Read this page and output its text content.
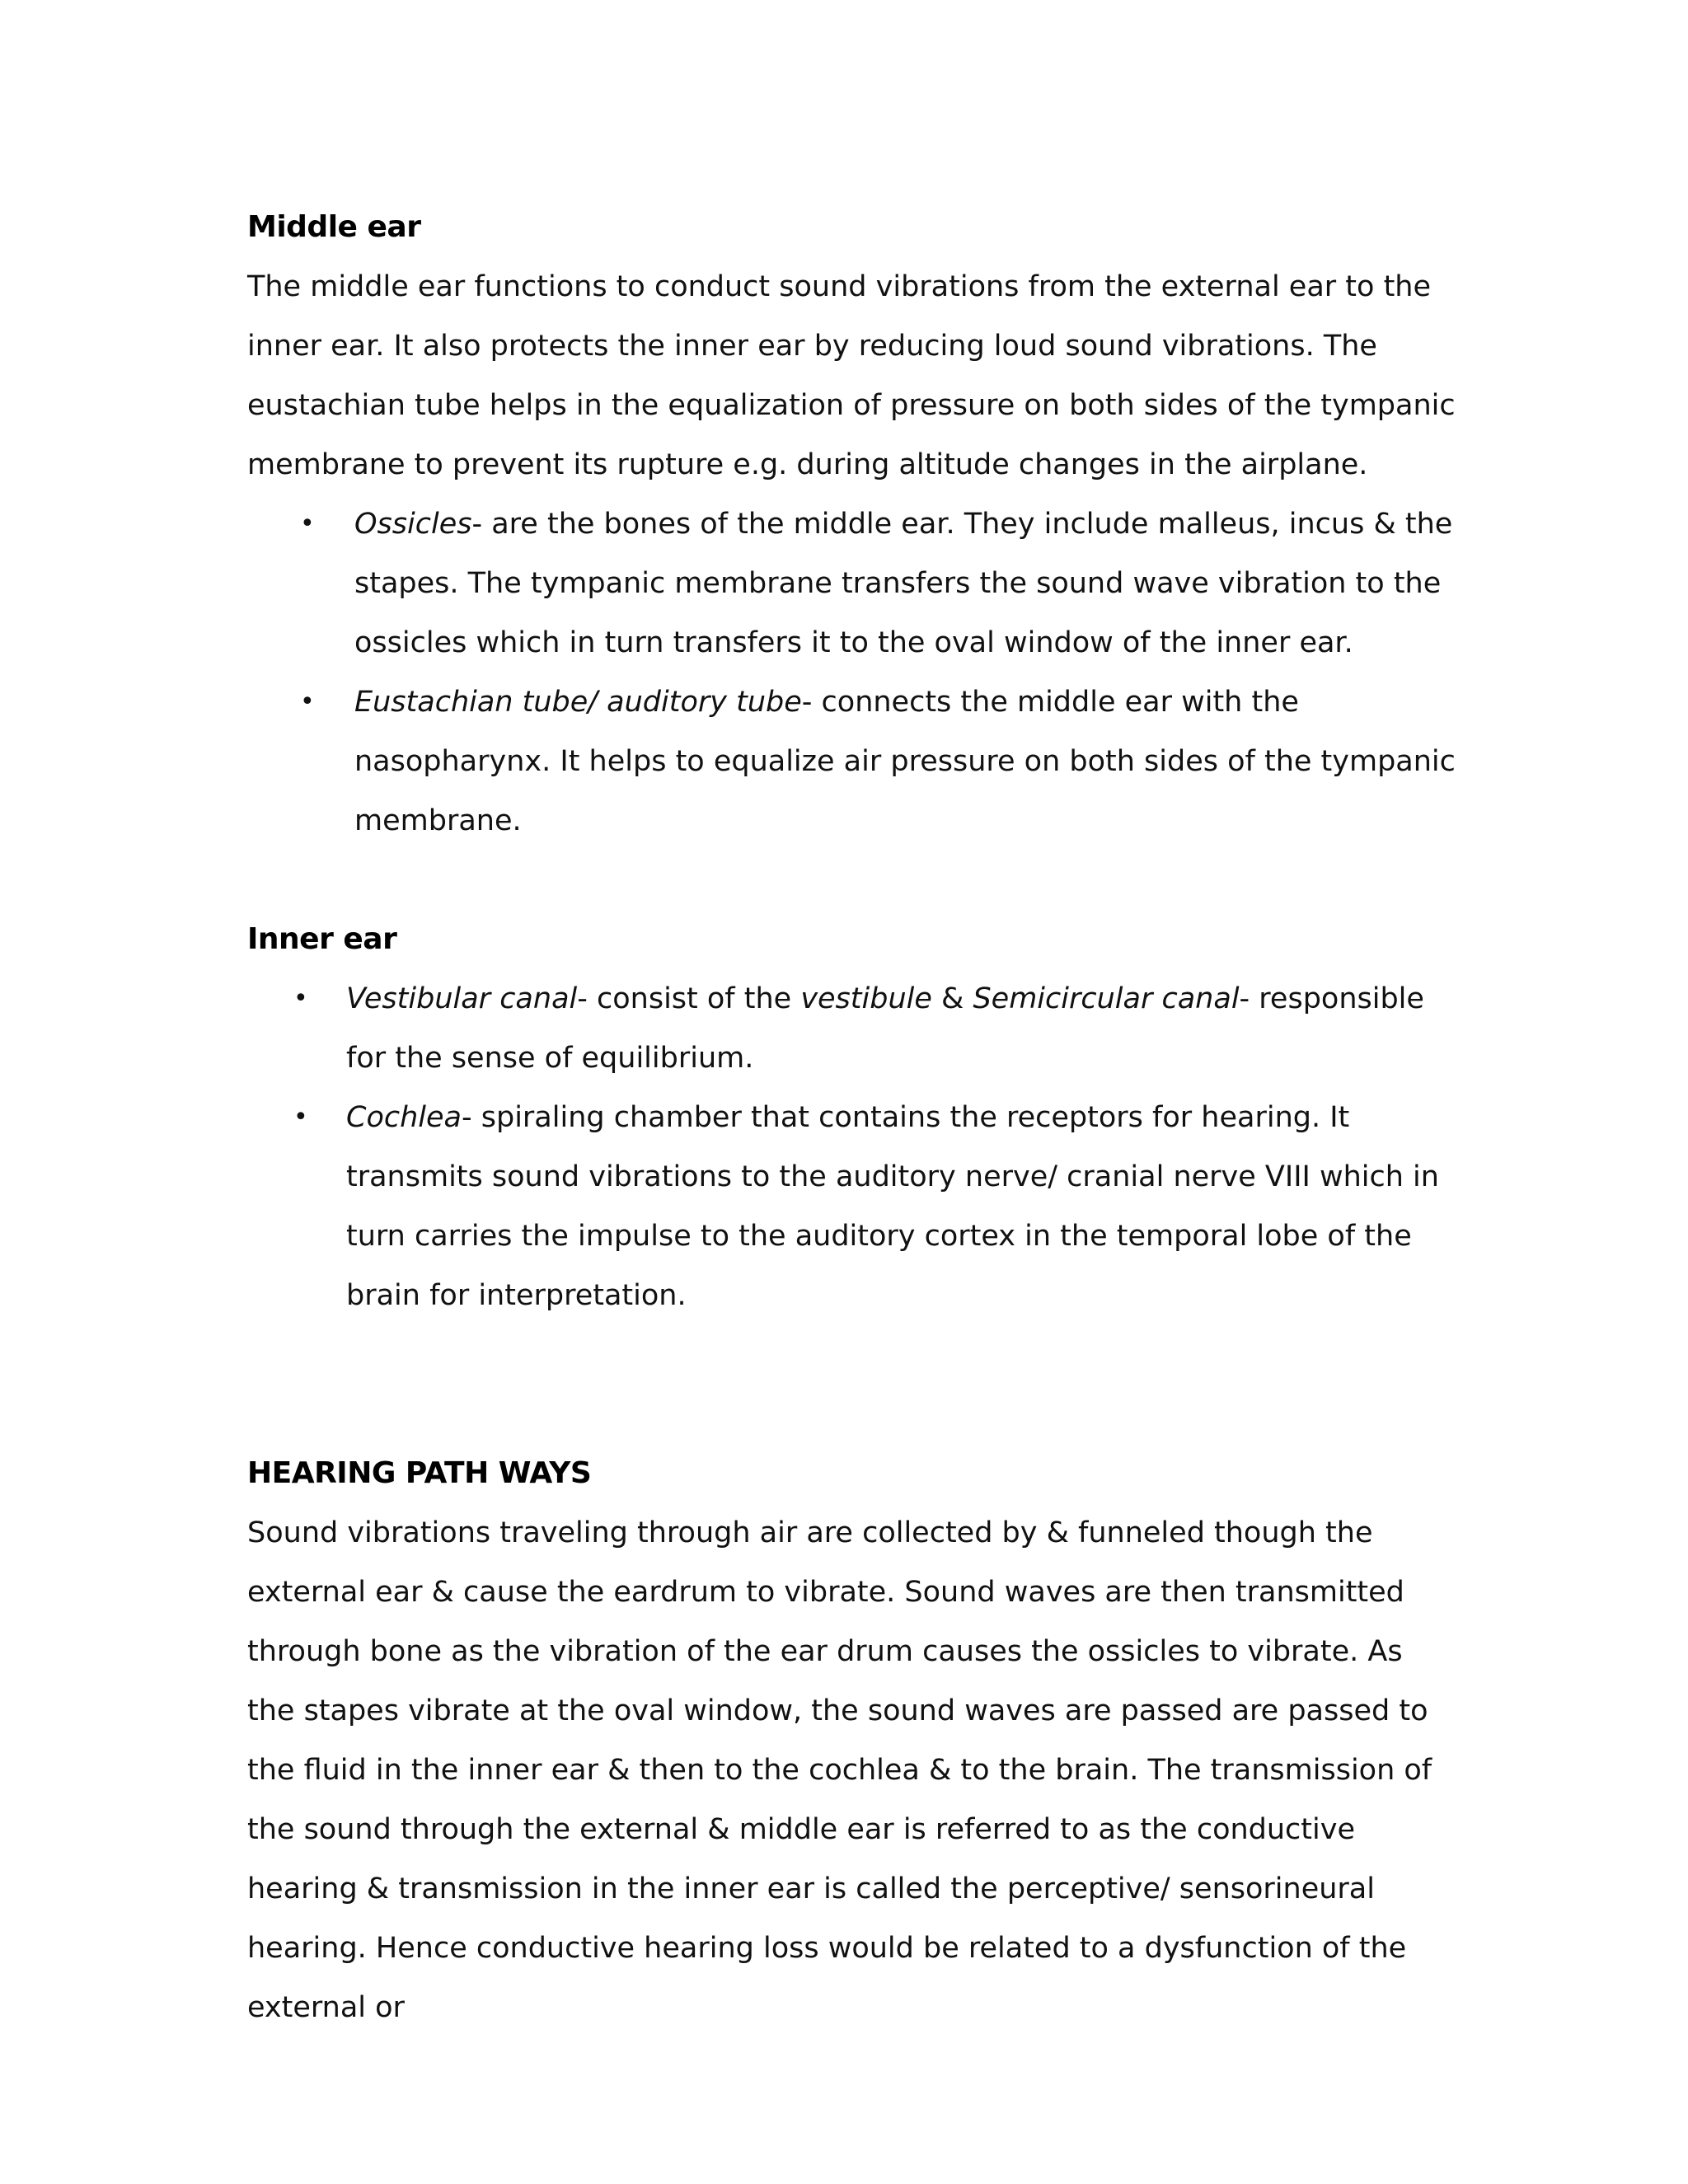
Middle ear

The middle ear functions to conduct sound vibrations from the external ear to the inner ear. It also protects the inner ear by reducing loud sound vibrations. The eustachian tube helps in the equalization of pressure on both sides of the tympanic membrane to prevent its rupture e.g. during altitude changes in the airplane.

• Ossicles- are the bones of the middle ear. They include malleus, incus & the stapes. The tympanic membrane transfers the sound wave vibration to the ossicles which in turn transfers it to the oval window of the inner ear.
• Eustachian tube/ auditory tube- connects the middle ear with the nasopharynx. It helps to equalize air pressure on both sides of the tympanic membrane.
Inner ear
• Vestibular canal- consist of the vestibule & Semicircular canal- responsible for the sense of equilibrium.
• Cochlea- spiraling chamber that contains the receptors for hearing. It transmits sound vibrations to the auditory nerve/ cranial nerve VIII which in turn carries the impulse to the auditory cortex in the temporal lobe of the brain for interpretation.
HEARING PATH WAYS

Sound vibrations traveling through air are collected by & funneled though the external ear & cause the eardrum to vibrate. Sound waves are then transmitted through bone as the vibration of the ear drum causes the ossicles to vibrate. As the stapes vibrate at the oval window, the sound waves are passed are passed to the fluid in the inner ear & then to the cochlea & to the brain. The transmission of the sound through the external & middle ear is referred to as the conductive hearing & transmission in the inner ear is called the perceptive/ sensorineural hearing. Hence conductive hearing loss would be related to a dysfunction of the external or
